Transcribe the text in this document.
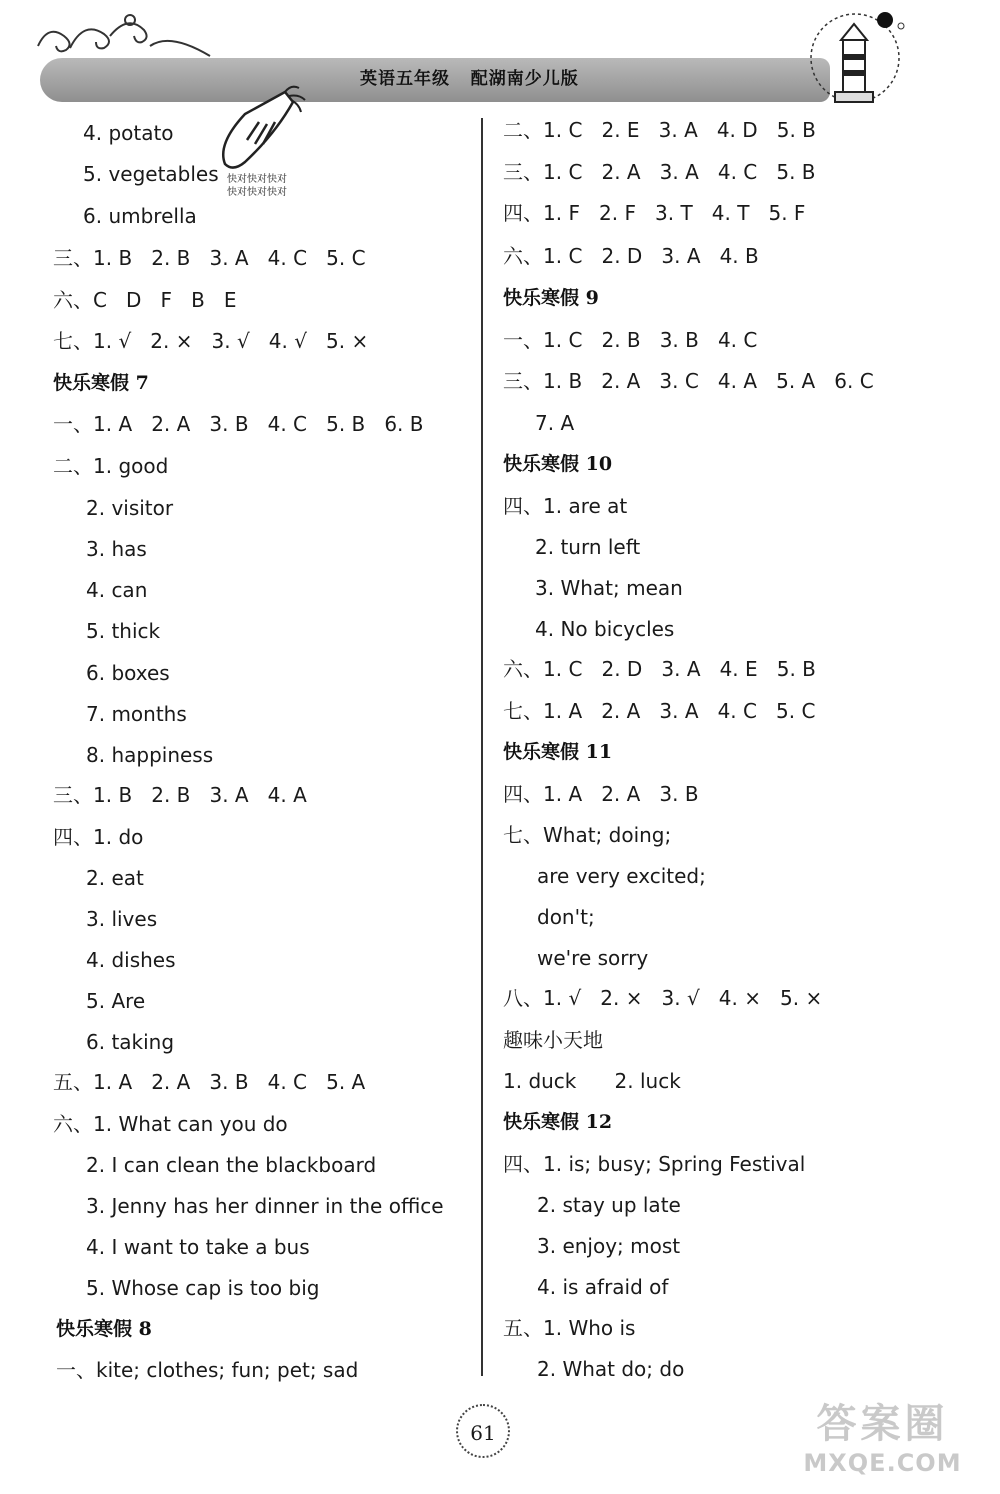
英语五年级   配湖南少儿版
快对快对快对
快对快对快对
4. potato
5. vegetables
6. umbrella
三、1. B   2. B   3. A   4. C   5. C
六、C   D   F   B   E
七、1. √   2. ×   3. √   4. √   5. ×
快乐寒假 7
一、1. A   2. A   3. B   4. C   5. B   6. B
二、1. good
2. visitor
3. has
4. can
5. thick
6. boxes
7. months
8. happiness
三、1. B   2. B   3. A   4. A
四、1. do
2. eat
3. lives
4. dishes
5. Are
6. taking
五、1. A   2. A   3. B   4. C   5. A
六、1. What can you do
2. I can clean the blackboard
3. Jenny has her dinner in the office
4. I want to take a bus
5. Whose cap is too big
快乐寒假 8
一、kite; clothes; fun; pet; sad
二、1. C   2. E   3. A   4. D   5. B
三、1. C   2. A   3. A   4. C   5. B
四、1. F   2. F   3. T   4. T   5. F
六、1. C   2. D   3. A   4. B
快乐寒假 9
一、1. C   2. B   3. B   4. C
三、1. B   2. A   3. C   4. A   5. A   6. C
7. A
快乐寒假 10
四、1. are at
2. turn left
3. What; mean
4. No bicycles
六、1. C   2. D   3. A   4. E   5. B
七、1. A   2. A   3. A   4. C   5. C
快乐寒假 11
四、1. A   2. A   3. B
七、What; doing;
are very excited;
don't;
we're sorry
八、1. √   2. ×   3. √   4. ×   5. ×
趣味小天地
1. duck      2. luck
快乐寒假 12
四、1. is; busy; Spring Festival
2. stay up late
3. enjoy; most
4. is afraid of
五、1. Who is
2. What do; do
61	答案圈
MXQE.COM
